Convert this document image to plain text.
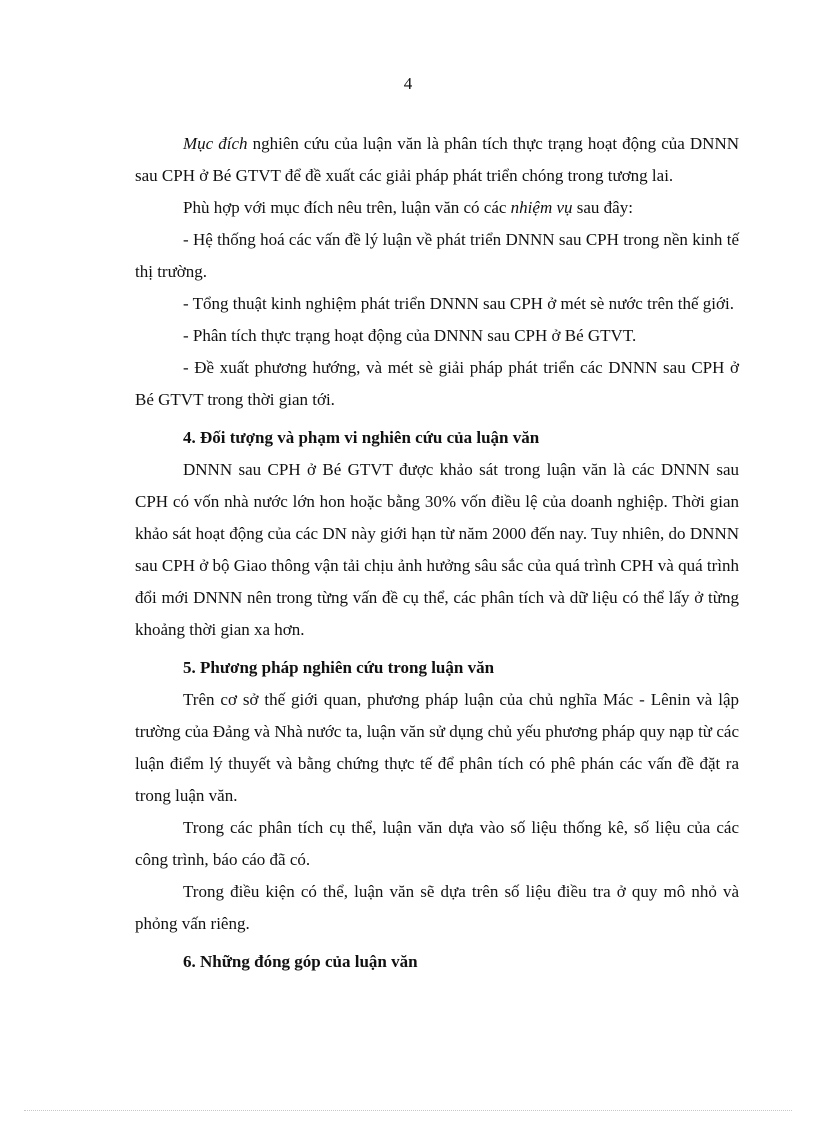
4

Mục đích nghiên cứu của luận văn là phân tích thực trạng hoạt động của DNNN sau CPH ở Bé GTVT để đề xuất các giải pháp phát triển chóng trong tương lai.

Phù hợp với mục đích nêu trên, luận văn có các nhiệm vụ sau đây:

- Hệ thống hoá các vấn đề lý luận về phát triển DNNN sau CPH trong nền kinh tế thị trường.

- Tổng thuật kinh nghiệm phát triển DNNN sau CPH ở mét sè nước trên thế giới.

- Phân tích thực trạng hoạt động của DNNN sau CPH ở Bé GTVT.

- Đề xuất phương hướng, và mét sè giải pháp phát triển các DNNN sau CPH ở Bé GTVT trong thời gian tới.

4. Đối tượng và phạm vi nghiên cứu của luận văn

DNNN sau CPH ở Bé GTVT được khảo sát trong luận văn là các DNNN sau CPH có vốn nhà nước lớn hon hoặc bằng 30% vốn điều lệ của doanh nghiệp. Thời gian khảo sát hoạt động của các DN này giới hạn từ năm 2000 đến nay. Tuy nhiên, do DNNN sau CPH ở bộ Giao thông vận tải chịu ảnh hưởng sâu sắc của quá trình CPH và quá trình đổi mới DNNN nên trong từng vấn đề cụ thể, các phân tích và dữ liệu có thể lấy ở từng khoảng thời gian xa hơn.

5. Phương pháp nghiên cứu trong luận văn

Trên cơ sở thế giới quan, phương pháp luận của chủ nghĩa Mác - Lênin và lập trường của Đảng và Nhà nước ta, luận văn sử dụng chủ yếu phương pháp quy nạp từ các luận điểm lý thuyết và bằng chứng thực tế để phân tích có phê phán các vấn đề đặt ra trong luận văn.

Trong các phân tích cụ thể, luận văn dựa vào số liệu thống kê, số liệu của các công trình, báo cáo đã có.

Trong điều kiện có thể, luận văn sẽ dựa trên số liệu điều tra ở quy mô nhỏ và phỏng vấn riêng.

6. Những đóng góp của luận văn
